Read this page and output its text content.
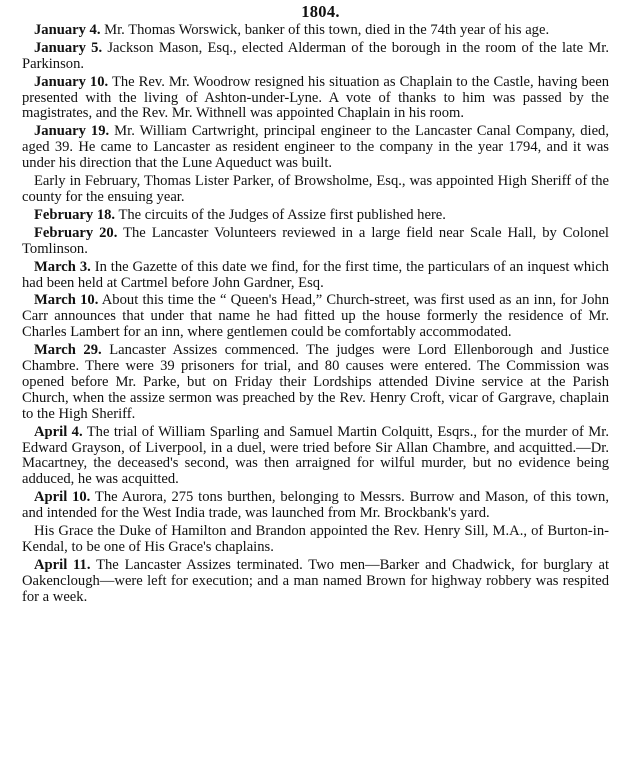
1804.

January 4. Mr. Thomas Worswick, banker of this town, died in the 74th year of his age.

January 5. Jackson Mason, Esq., elected Alderman of the borough in the room of the late Mr. Parkinson.

January 10. The Rev. Mr. Woodrow resigned his situation as Chaplain to the Castle, having been presented with the living of Ashton-under-Lyne. A vote of thanks to him was passed by the magistrates, and the Rev. Mr. Withnell was appointed Chaplain in his room.

January 19. Mr. William Cartwright, principal engineer to the Lancaster Canal Company, died, aged 39. He came to Lancaster as resident engineer to the company in the year 1794, and it was under his direction that the Lune Aqueduct was built.

Early in February, Thomas Lister Parker, of Browsholme, Esq., was appointed High Sheriff of the county for the ensuing year.

February 18. The circuits of the Judges of Assize first published here.

February 20. The Lancaster Volunteers reviewed in a large field near Scale Hall, by Colonel Tomlinson.

March 3. In the Gazette of this date we find, for the first time, the particulars of an inquest which had been held at Cartmel before John Gardner, Esq.

March 10. About this time the “ Queen's Head,” Church-street, was first used as an inn, for John Carr announces that under that name he had fitted up the house formerly the residence of Mr. Charles Lambert for an inn, where gentlemen could be comfortably accommodated.

March 29. Lancaster Assizes commenced. The judges were Lord Ellenborough and Justice Chambre. There were 39 prisoners for trial, and 80 causes were entered. The Commission was opened before Mr. Parke, but on Friday their Lordships attended Divine service at the Parish Church, when the assize sermon was preached by the Rev. Henry Croft, vicar of Gargrave, chaplain to the High Sheriff.

April 4. The trial of William Sparling and Samuel Martin Colquitt, Esqrs., for the murder of Mr. Edward Grayson, of Liverpool, in a duel, were tried before Sir Allan Chambre, and acquitted.—Dr. Macartney, the deceased's second, was then arraigned for wilful murder, but no evidence being adduced, he was acquitted.

April 10. The Aurora, 275 tons burthen, belonging to Messrs. Burrow and Mason, of this town, and intended for the West India trade, was launched from Mr. Brockbank's yard.

His Grace the Duke of Hamilton and Brandon appointed the Rev. Henry Sill, M.A., of Burton-in-Kendal, to be one of His Grace's chaplains.

April 11. The Lancaster Assizes terminated. Two men—Barker and Chadwick, for burglary at Oakenclough—were left for execution; and a man named Brown for highway robbery was respited for a week.
